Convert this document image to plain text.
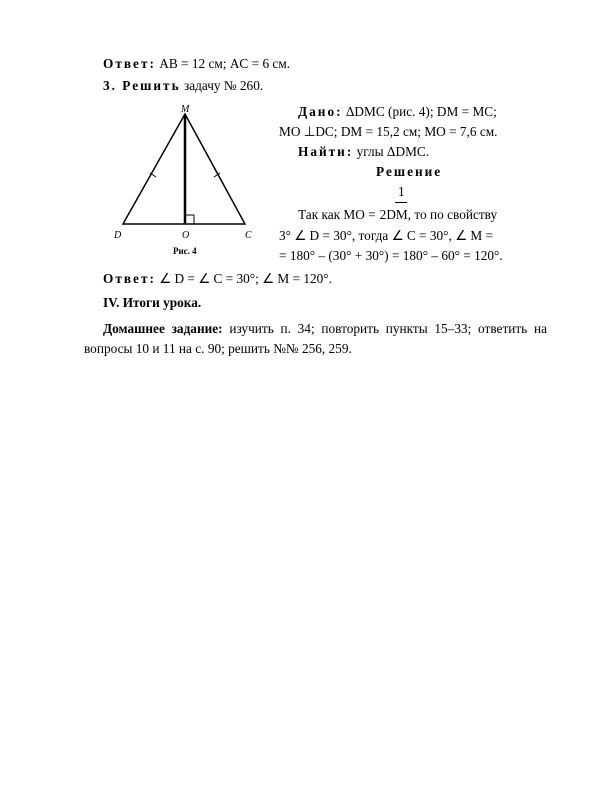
Ответ: AB = 12 см; AC = 6 см.
3. Решить задачу № 260.
M
D	O	C
Рис. 4
Дано: ΔDMC (рис. 4); DM = MC;
MO ⊥DC; DM = 15,2 см; MO = 7,6 см.
Найти: углы ΔDMC.
Решение
1
Так как MO = 2DM, то по свойству
3° ∠ D = 30°, тогда ∠ C = 30°, ∠ M =
= 180° – (30° + 30°) = 180° – 60° = 120°.
Ответ: ∠ D = ∠ C = 30°; ∠ M = 120°.
IV. Итоги урока.
Домашнее задание: изучить п. 34; повторить пункты 15–33; ответить на
вопросы 10 и 11 на с. 90; решить №№ 256, 259.
